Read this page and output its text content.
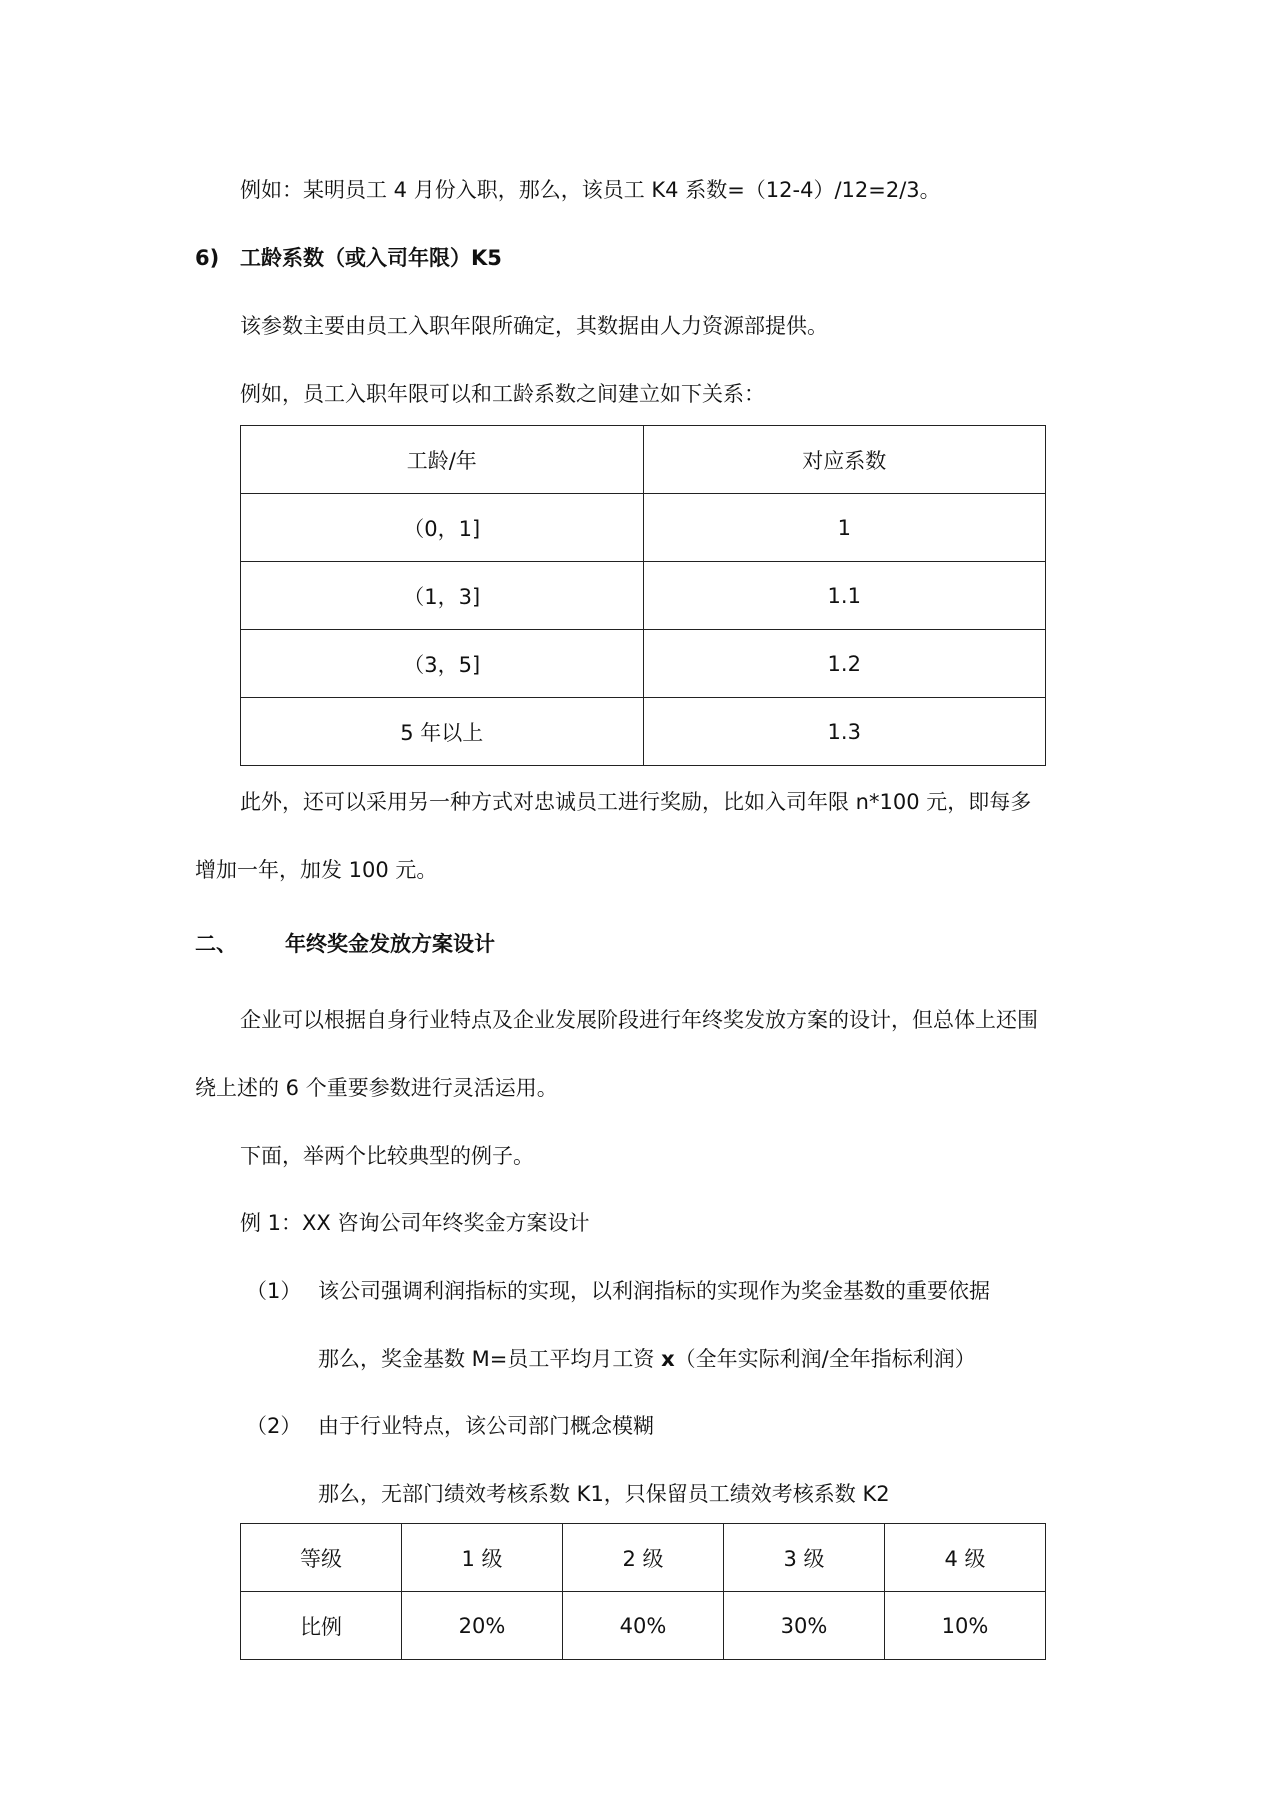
例如：某明员工 4 月份入职，那么，该员工 K4 系数=（12-4）/12=2/3。
6) 工龄系数（或入司年限）K5
该参数主要由员工入职年限所确定，其数据由人力资源部提供。
例如，员工入职年限可以和工龄系数之间建立如下关系：
工龄/年	对应系数
（0，1]	1
（1，3]	1.1
（3，5]	1.2
5 年以上	1.3
此外，还可以采用另一种方式对忠诚员工进行奖励，比如入司年限 n*100 元，即每多
增加一年，加发 100 元。
二、 年终奖金发放方案设计
企业可以根据自身行业特点及企业发展阶段进行年终奖发放方案的设计，但总体上还围
绕上述的 6 个重要参数进行灵活运用。
下面，举两个比较典型的例子。
例 1：XX 咨询公司年终奖金方案设计
（1） 该公司强调利润指标的实现，以利润指标的实现作为奖金基数的重要依据
那么，奖金基数 M=员工平均月工资 x（全年实际利润/全年指标利润）
（2） 由于行业特点，该公司部门概念模糊
那么，无部门绩效考核系数 K1，只保留员工绩效考核系数 K2
等级	1 级	2 级	3 级	4 级
比例	20%	40%	30%	10%
